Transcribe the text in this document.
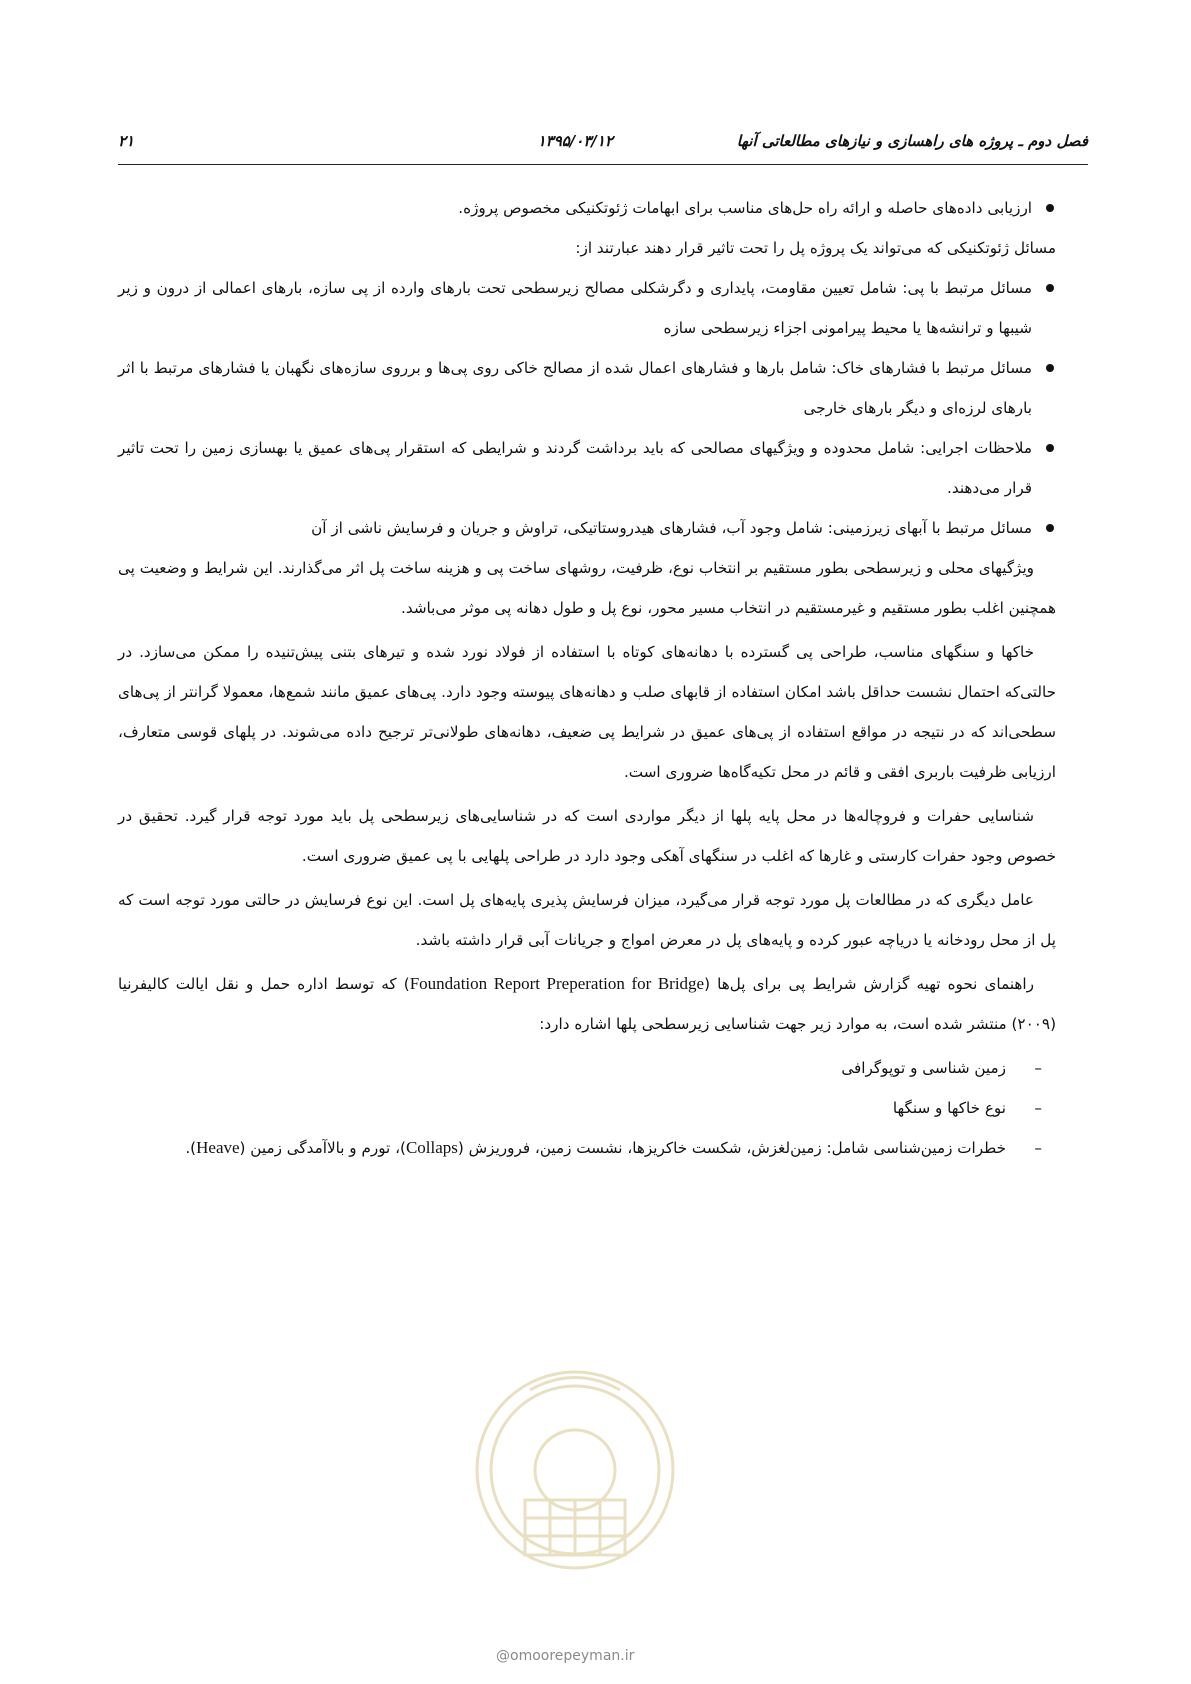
فصل دوم ـ پروژه های راهسازی و نیازهای مطالعاتی آنها
۱۳۹۵/۰۳/۱۲
۲۱
ارزیابی داده‌های حاصله و ارائه راه حل‌های مناسب برای ابهامات ژئوتکنیکی مخصوص پروژه.
مسائل ژئوتکنیکی که می‌تواند یک پروژه پل را تحت تاثیر قرار دهند عبارتند از:
مسائل مرتبط با پی: شامل تعیین مقاومت، پایداری و دگرشکلی مصالح زیرسطحی تحت بارهای وارده از پی سازه، بارهای اعمالی از درون و زیر شیبها و ترانشه‌ها یا محیط پیرامونی اجزاء زیرسطحی سازه
مسائل مرتبط با فشارهای خاک: شامل بارها و فشارهای اعمال شده از مصالح خاکی روی پی‌ها و برروی سازه‌های نگهبان یا فشارهای مرتبط با اثر بارهای لرزه‌ای و دیگر بارهای خارجی
ملاحظات اجرایی: شامل محدوده و ویژگیهای مصالحی که باید برداشت گردند و شرایطی که استقرار پی‌های عمیق یا بهسازی زمین را تحت تاثیر قرار می‌دهند.
مسائل مرتبط با آبهای زیرزمینی: شامل وجود آب، فشارهای هیدروستاتیکی، تراوش و جریان و فرسایش ناشی از آن

ویژگیهای محلی و زیرسطحی بطور مستقیم بر انتخاب نوع، ظرفیت، روشهای ساخت پی و هزینه ساخت پل اثر می‌گذارند. این شرایط و وضعیت پی همچنین اغلب بطور مستقیم و غیرمستقیم در انتخاب مسیر محور، نوع پل و طول دهانه پی موثر می‌باشد.

خاکها و سنگهای مناسب، طراحی پی گسترده با دهانه‌های کوتاه با استفاده از فولاد نورد شده و تیرهای بتنی پیش‌تنیده را ممکن می‌سازد. در حالتی‌که احتمال نشست حداقل باشد امکان استفاده از قابهای صلب و دهانه‌های پیوسته وجود دارد. پی‌های عمیق مانند شمع‌ها، معمولا گرانتر از پی‌های سطحی‌اند که در نتیجه در مواقع استفاده از پی‌های عمیق در شرایط پی ضعیف، دهانه‌های طولانی‌تر ترجیح داده می‌شوند. در پلهای قوسی متعارف، ارزیابی ظرفیت باربری افقی و قائم در محل تکیه‌گاه‌ها ضروری است.

شناسایی حفرات و فروچاله‌ها در محل پایه پلها از دیگر مواردی است که در شناسایی‌های زیرسطحی پل باید مورد توجه قرار گیرد. تحقیق در خصوص وجود حفرات کارستی و غارها که اغلب در سنگهای آهکی وجود دارد در طراحی پلهایی با پی عمیق ضروری است.

عامل دیگری که در مطالعات پل مورد توجه قرار می‌گیرد، میزان فرسایش پذیری پایه‌های پل است. این نوع فرسایش در حالتی مورد توجه است که پل از محل رودخانه یا دریاچه عبور کرده و پایه‌های پل در معرض امواج و جریانات آبی قرار داشته باشد.

راهنمای نحوه تهیه گزارش شرایط پی برای پل‌ها (Foundation Report Preperation for Bridge) که توسط اداره حمل و نقل ایالت کالیفرنیا (۲۰۰۹) منتشر شده است، به موارد زیر جهت شناسایی زیرسطحی پلها اشاره دارد:

–
زمین شناسی و توپوگرافی
–
نوع خاکها و سنگها
–
خطرات زمین‌شناسی شامل: زمین‌لغزش، شکست خاکریزها، نشست زمین، فروریزش (Collaps)، تورم و بالاآمدگی زمین (Heave).
@omoorepeyman.ir
